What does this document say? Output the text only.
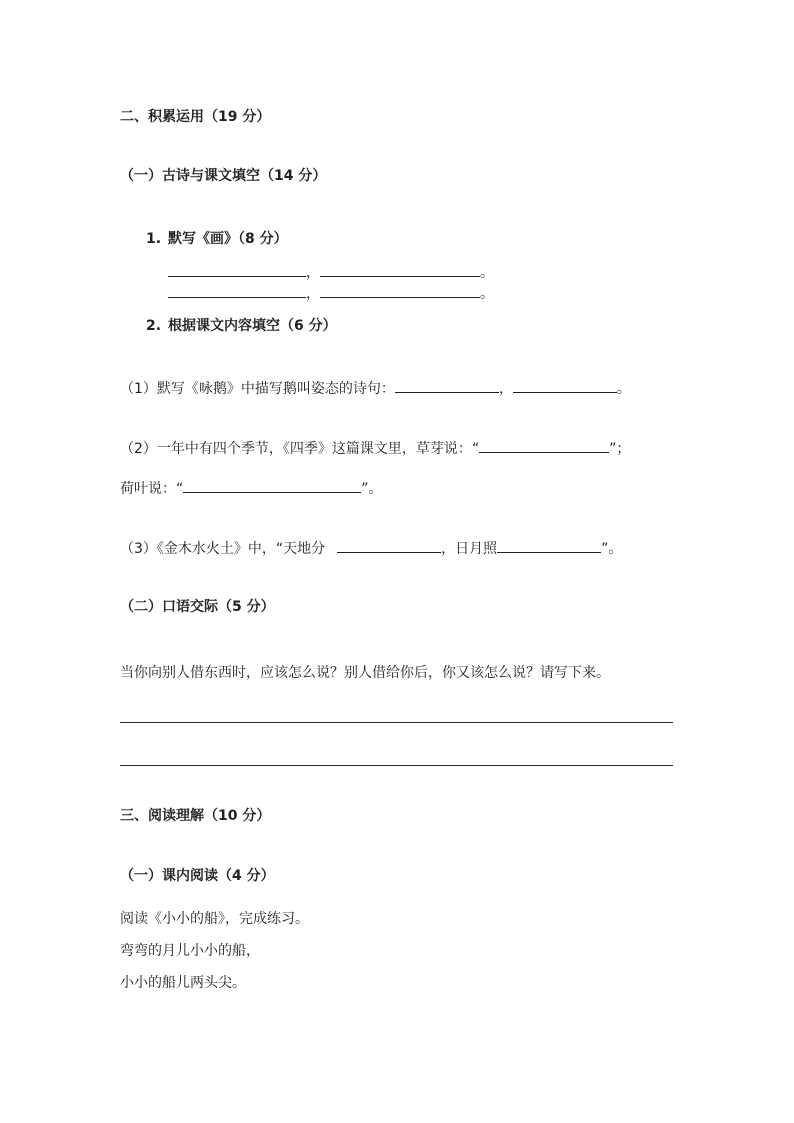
二、积累运用（19 分）
（一）古诗与课文填空（14 分）
1. 默写《画》（8 分）
，	。
，	。
2. 根据课文内容填空（6 分）
（1）默写《咏鹅》中描写鹅叫姿态的诗句：	，	。
（2）一年中有四个季节，《四季》这篇课文里，草芽说：“	”；
荷叶说：“	”。
（3）《金木水火土》中，“天地分	，日月照	”。
（二）口语交际（5 分）
当你向别人借东西时，应该怎么说？别人借给你后，你又该怎么说？请写下来。
三、阅读理解（10 分）
（一）课内阅读（4 分）
阅读《小小的船》，完成练习。
弯弯的月儿小小的船，
小小的船儿两头尖。
